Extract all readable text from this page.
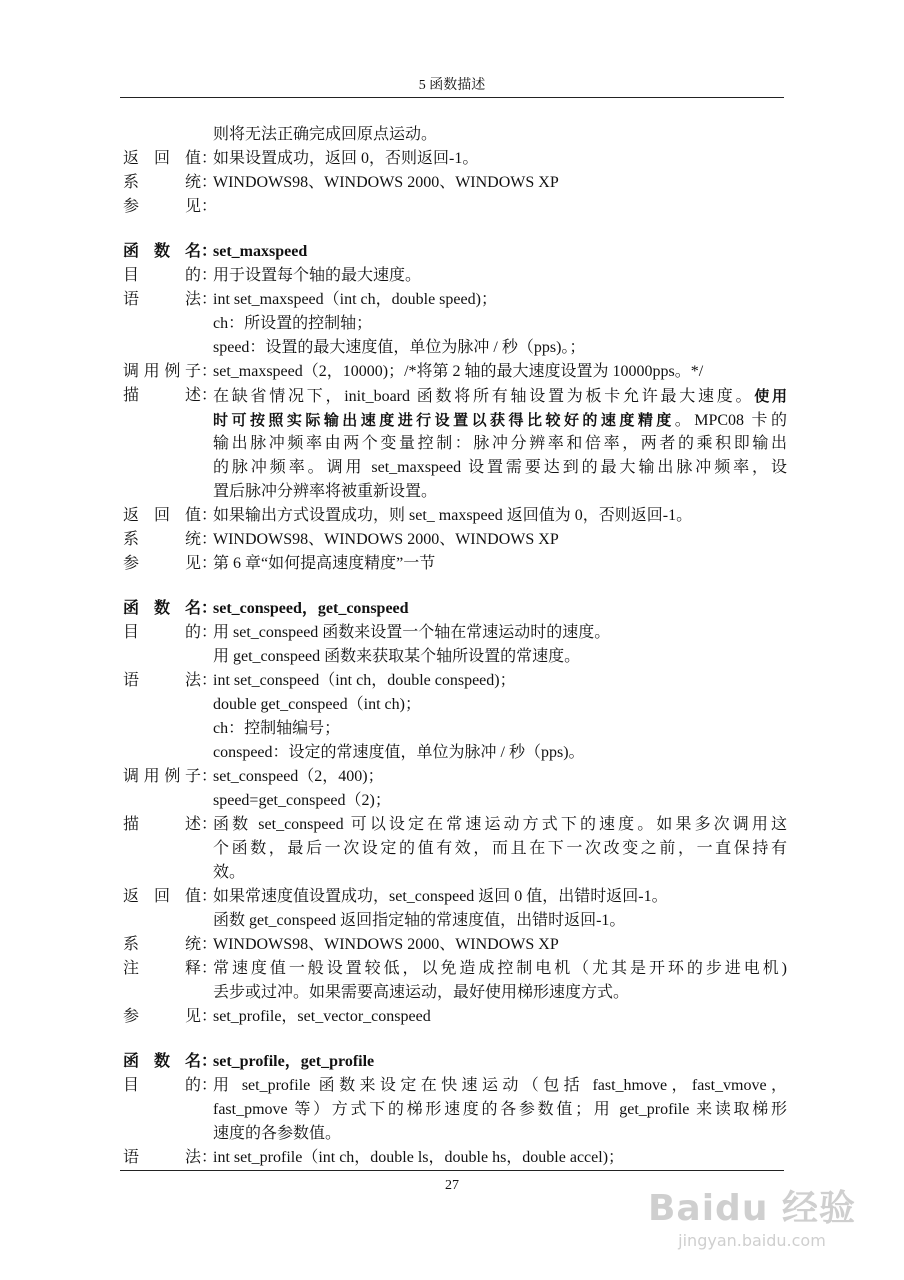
5 函数描述
则将无法正确完成回原点运动。
返回值 ：
如果设置成功，返回 0，否则返回-1。
系统 ：
WINDOWS98、WINDOWS 2000、WINDOWS XP
参见 ：
函数名 ：
set_maxspeed
目的 ：
用于设置每个轴的最大速度。
语法 ：
int set_maxspeed（int ch，double speed)；
ch：所设置的控制轴；
speed：设置的最大速度值，单位为脉冲 / 秒（pps)。；
调用例子 ：
set_maxspeed（2，10000)；/*将第 2 轴的最大速度设置为 10000pps。*/
描述 ：
在缺省情况下，init_board 函数将所有轴设置为板卡允许最大速度。使用
时可按照实际输出速度进行设置以获得比较好的速度精度。MPC08 卡的
输出脉冲频率由两个变量控制：脉冲分辨率和倍率，两者的乘积即输出
的脉冲频率。调用 set_maxspeed 设置需要达到的最大输出脉冲频率，设
置后脉冲分辨率将被重新设置。
返回值 ：
如果输出方式设置成功，则 set_ maxspeed 返回值为 0，否则返回-1。
系统 ：
WINDOWS98、WINDOWS 2000、WINDOWS XP
参见 ：
第 6 章“如何提高速度精度”一节
函数名 ：
set_conspeed，get_conspeed
目的 ：
用 set_conspeed 函数来设置一个轴在常速运动时的速度。
用 get_conspeed 函数来获取某个轴所设置的常速度。
语法 ：
int set_conspeed（int ch，double conspeed)；
double get_conspeed（int ch)；
ch：控制轴编号；
conspeed：设定的常速度值，单位为脉冲 / 秒（pps)。
调用例子 ：
set_conspeed（2，400)；
speed=get_conspeed（2)；
描述 ：
函数 set_conspeed 可以设定在常速运动方式下的速度。如果多次调用这
个函数，最后一次设定的值有效，而且在下一次改变之前，一直保持有
效。
返回值 ：
如果常速度值设置成功，set_conspeed 返回 0 值，出错时返回-1。
函数 get_conspeed 返回指定轴的常速度值，出错时返回-1。
系统 ：
WINDOWS98、WINDOWS 2000、WINDOWS XP
注释 ：
常速度值一般设置较低，以免造成控制电机（尤其是开环的步进电机)
丢步或过冲。如果需要高速运动，最好使用梯形速度方式。
参见 ：
set_profile，set_vector_conspeed
函数名 ：
set_profile，get_profile
目的 ：
用 set_profile 函数来设定在快速运动（包括 fast_hmove，fast_vmove，
fast_pmove 等）方式下的梯形速度的各参数值；用 get_profile 来读取梯形
速度的各参数值。
语法 ：
int set_profile（int ch，double ls，double hs，double accel)；
27
Baidu 经验
jingyan.baidu.com
